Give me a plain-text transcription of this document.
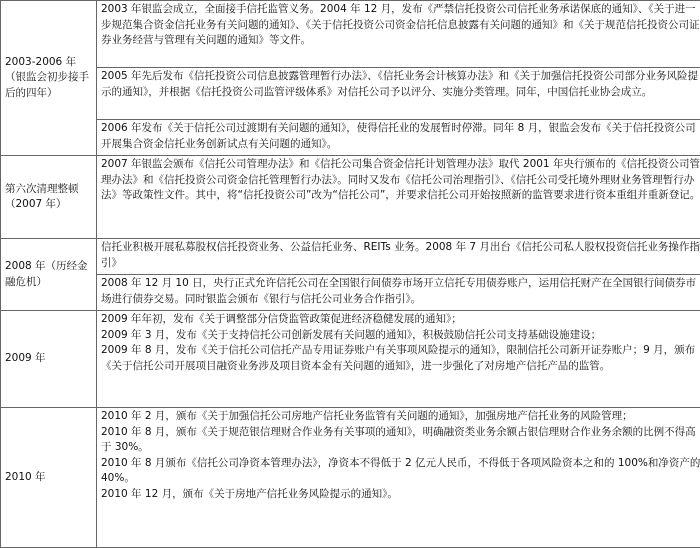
2003-2006 年（银监会初步接手后的四年）	2003 年银监会成立，全面接手信托监管义务。2004 年 12 月，发布《严禁信托投资公司信托业务承诺保底的通知》、《关于进一步规范集合资金信托业务有关问题的通知》、《关于信托投资公司资金信托信息披露有关问题的通知》和《关于规范信托投资公司证券业务经营与管理有关问题的通知》等文件。

	2005 年先后发布《信托投资公司信息披露管理暂行办法》、《信托业务会计核算办法》和《关于加强信托投资公司部分业务风险提示的通知》，并根据《信托投资公司监管评级体系》对信托公司予以评分、实施分类管理。同年，中国信托业协会成立。

	2006 年发布《关于信托公司过渡期有关问题的通知》，使得信托业的发展暂时停滞。同年 8 月，银监会发布《关于信托投资公司开展集合资金信托业务创新试点有关问题的通知》。

第六次清理整顿（2007 年）	2007 年银监会颁布《信托公司管理办法》和《信托公司集合资金信托计划管理办法》取代 2001 年央行颁布的《信托投资公司管理办法》和《信托投资公司资金信托管理暂行办法》。同时又发布《信托公司治理指引》、《信托公司受托境外理财业务管理暂行办法》等政策性文件。其中，将“信托投资公司”改为“信托公司”，并要求信托公司开始按照新的监管要求进行资本重组并重新登记。

2008 年（历经金融危机）	信托业积极开展私募股权信托投资业务、公益信托业务、REITs 业务。2008 年 7 月出台《信托公司私人股权投资信托业务操作指引》

	2008 年 12 月 10 日，央行正式允许信托公司在全国银行间债券市场开立信托专用债券账户，运用信托财产在全国银行间债券市场进行债券交易。同时银监会颁布《银行与信托公司业务合作指引》。

2009 年	2009 年年初，发布《关于调整部分信贷监管政策促进经济稳健发展的通知》；
2009 年 3 月，发布《关于支持信托公司创新发展有关问题的通知》，积极鼓励信托公司支持基础设施建设；
2009 年 8 月，发布《关于信托公司信托产品专用证券账户有关事项风险提示的通知》，限制信托公司新开证券账户；9 月，颁布《关于信托公司开展项目融资业务涉及项目资本金有关问题的通知》，进一步强化了对房地产信托产品的监管。

2010 年	2010 年 2 月，颁布《关于加强信托公司房地产信托业务监管有关问题的通知》，加强房地产信托业务的风险管理；
2010 年 8 月，颁布《关于规范银信理财合作业务有关事项的通知》，明确融资类业务余额占银信理财合作业务余额的比例不得高于 30%。
2010 年 8 月颁布《信托公司净资本管理办法》，净资本不得低于 2 亿元人民币，不得低于各项风险资本之和的 100%和净资产的 40%。
2010 年 12 月，颁布《关于房地产信托业务风险提示的通知》。
